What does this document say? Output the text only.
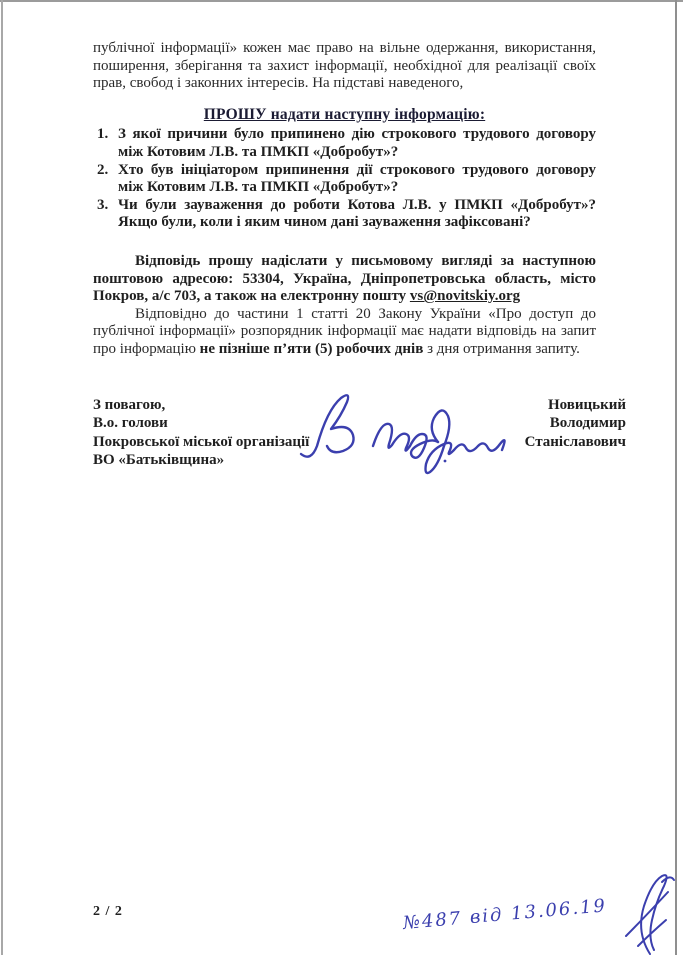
публічної інформації» кожен має право на вільне одержання, використання, поширення, зберігання та захист інформації, необхідної для реалізації своїх прав, свобод і законних інтересів. На підставі наведеного,

ПРОШУ надати наступну інформацію:
1. З якої причини було припинено дію строкового трудового договору між Котовим Л.В. та ПМКП «Добробут»?
2. Хто був ініціатором припинення дії строкового трудового договору між Котовим Л.В. та ПМКП «Добробут»?
3. Чи були зауваження до роботи Котова Л.В. у ПМКП «Добробут»? Якщо були, коли і яким чином дані зауваження зафіксовані?

Відповідь прошу надіслати у письмовому вигляді за наступною поштовою адресою: 53304, Україна, Дніпропетровська область, місто Покров, а/с 703, а також на електронну пошту vs@novitskiy.org

Відповідно до частини 1 статті 20 Закону України «Про доступ до публічної інформації» розпорядник інформації має надати відповідь на запит про інформацію не пізніше п’яти (5) робочих днів з дня отримання запиту.

З повагою,
В.о. голови
Покровської міської організації
ВО «Батьківщина»
Новицький
Володимир
Станіславович
2 / 2	№487 від 13.06.19
